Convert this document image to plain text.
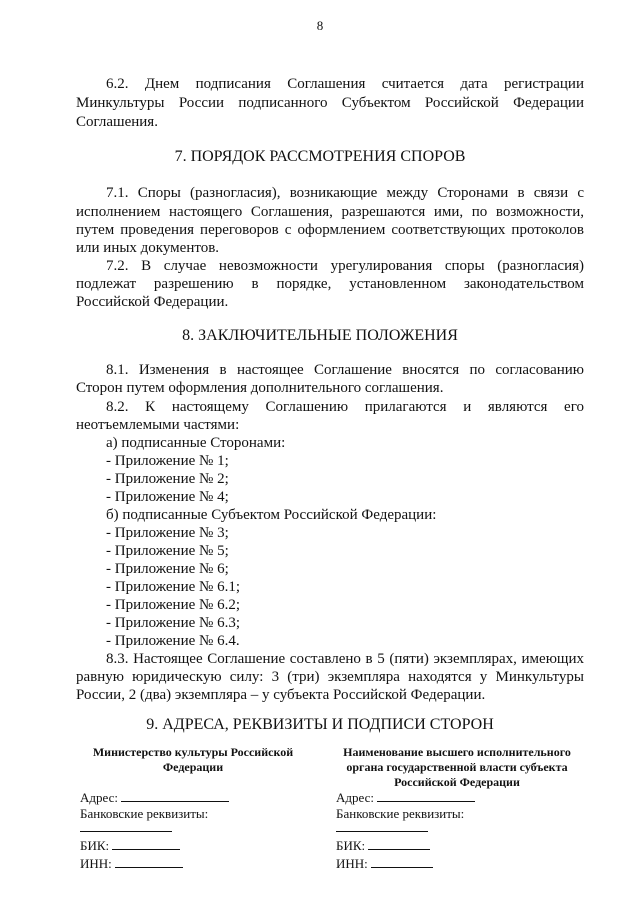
8

6.2. Днем подписания Соглашения считается дата регистрации

Минкультуры России подписанного Субъектом Российской Федерации

Соглашения.

7. ПОРЯДОК РАССМОТРЕНИЯ СПОРОВ

7.1. Споры (разногласия), возникающие между Сторонами в связи с

исполнением настоящего Соглашения, разрешаются ими, по возможности,

путем проведения переговоров с оформлением соответствующих протоколов

или иных документов.

7.2. В случае невозможности урегулирования споры (разногласия)

подлежат разрешению в порядке, установленном законодательством

Российской Федерации.

8. ЗАКЛЮЧИТЕЛЬНЫЕ ПОЛОЖЕНИЯ

8.1. Изменения в настоящее Соглашение вносятся по согласованию

Сторон путем оформления дополнительного соглашения.

8.2. К настоящему Соглашению прилагаются и являются его

неотъемлемыми частями:

а) подписанные Сторонами:

- Приложение № 1;

- Приложение № 2;

- Приложение № 4;

б) подписанные Субъектом Российской Федерации:

- Приложение № 3;

- Приложение № 5;

- Приложение № 6;

- Приложение № 6.1;

- Приложение № 6.2;

- Приложение № 6.3;

- Приложение № 6.4.

8.3. Настоящее Соглашение составлено в 5 (пяти) экземплярах, имеющих

равную юридическую силу: 3 (три) экземпляра находятся у Минкультуры

России, 2 (два) экземпляра – у субъекта Российской Федерации.

9. АДРЕСА, РЕКВИЗИТЫ И ПОДПИСИ СТОРОН

Министерство культуры Российской

Федерации

Адрес:

Банковские реквизиты:

БИК:

ИНН:

Наименование высшего исполнительного

органа государственной власти субъекта

Российской Федерации

Адрес:

Банковские реквизиты:

БИК:

ИНН:
